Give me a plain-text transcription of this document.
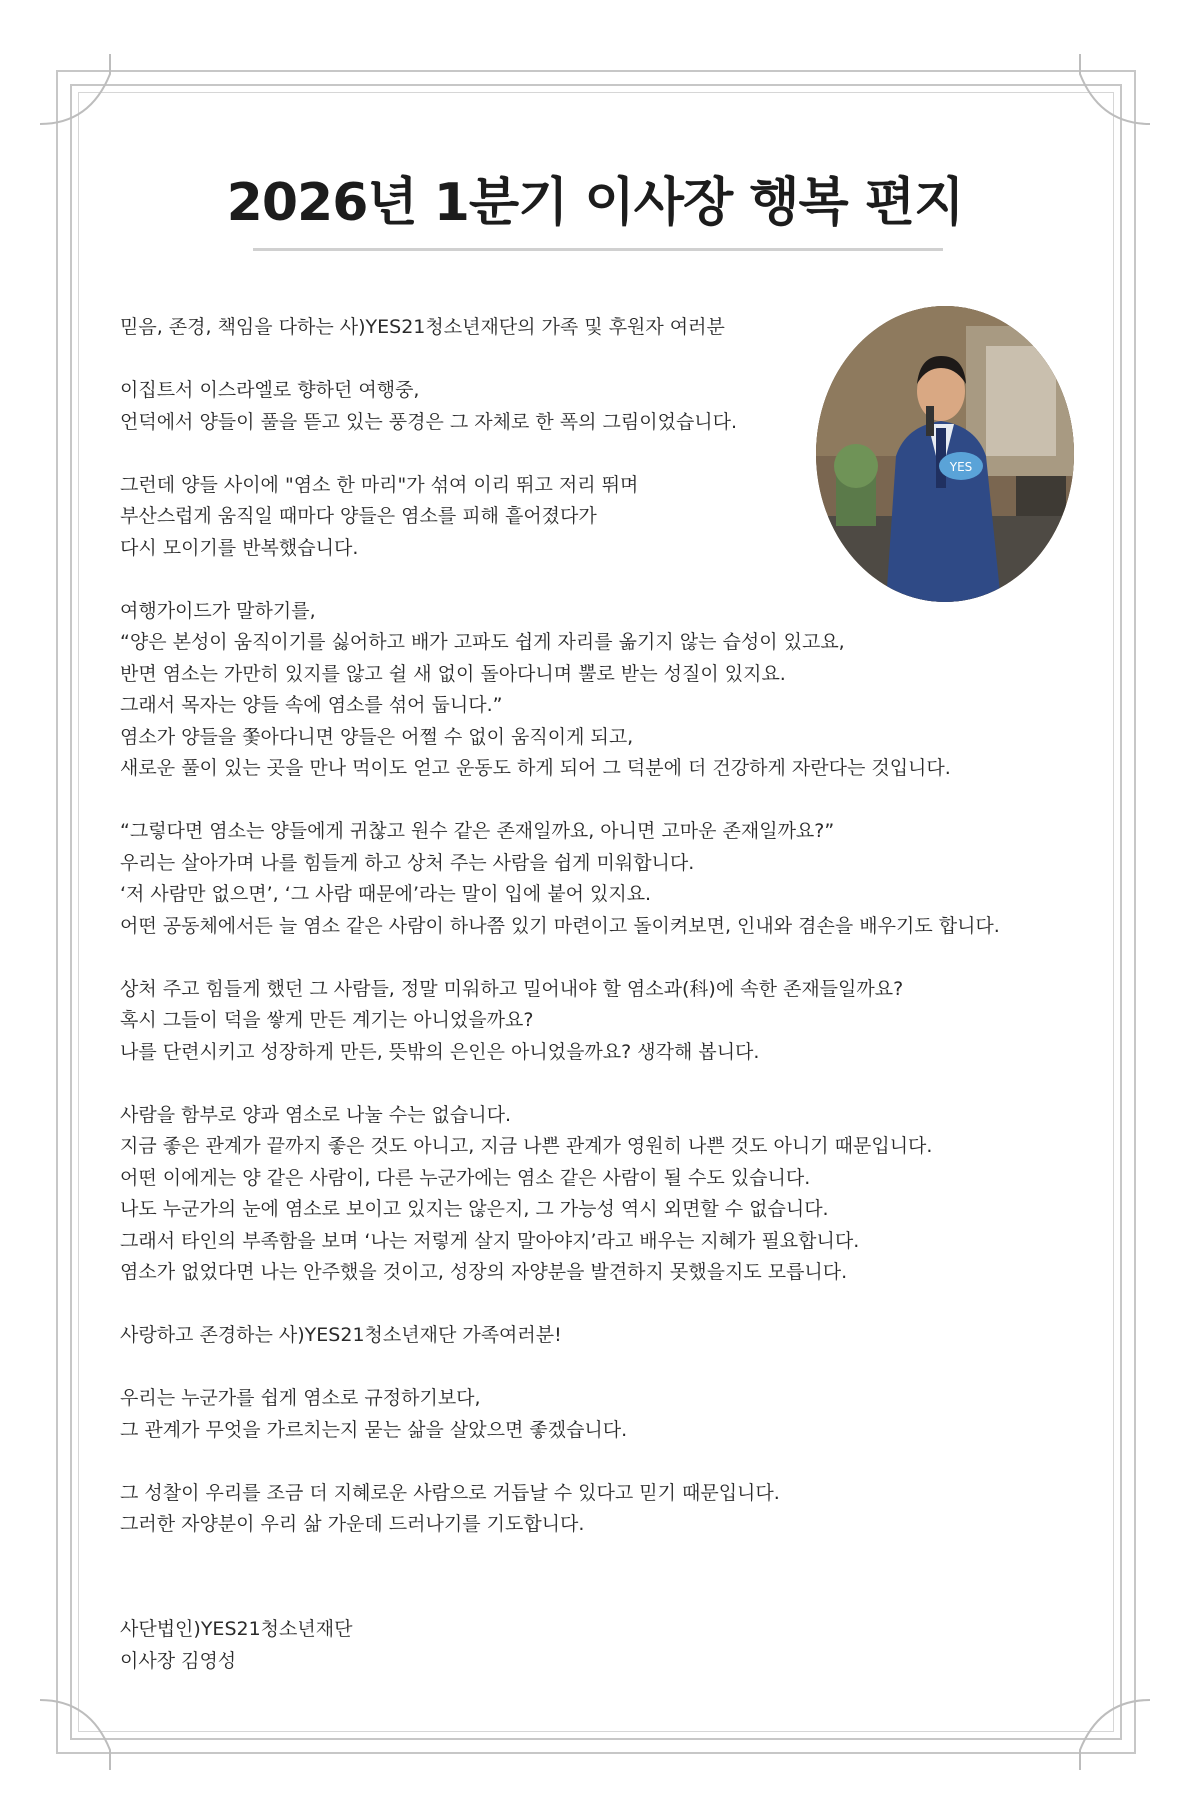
2026년 1분기 이사장 행복 편지
YES
믿음, 존경, 책임을 다하는 사)YES21청소년재단의 가족 및 후원자 여러분
이집트서 이스라엘로 향하던 여행중,
언덕에서 양들이 풀을 뜯고 있는 풍경은 그 자체로 한 폭의 그림이었습니다.
그런데 양들 사이에 "염소 한 마리"가 섞여 이리 뛰고 저리 뛰며
부산스럽게 움직일 때마다 양들은 염소를 피해 흩어졌다가
다시 모이기를 반복했습니다.
여행가이드가 말하기를,
“양은 본성이 움직이기를 싫어하고 배가 고파도 쉽게 자리를 옮기지 않는 습성이 있고요,
반면 염소는 가만히 있지를 않고 쉴 새 없이 돌아다니며 뿔로 받는 성질이 있지요.
그래서 목자는 양들 속에 염소를 섞어 둡니다.”
염소가 양들을 쫓아다니면 양들은 어쩔 수 없이 움직이게 되고,
새로운 풀이 있는 곳을 만나 먹이도 얻고 운동도 하게 되어 그 덕분에 더 건강하게 자란다는 것입니다.
“그렇다면 염소는 양들에게 귀찮고 원수 같은 존재일까요, 아니면 고마운 존재일까요?”
우리는 살아가며 나를 힘들게 하고 상처 주는 사람을 쉽게 미워합니다.
‘저 사람만 없으면’, ‘그 사람 때문에’라는 말이 입에 붙어 있지요.
어떤 공동체에서든 늘 염소 같은 사람이 하나쯤 있기 마련이고 돌이켜보면, 인내와 겸손을 배우기도 합니다.
상처 주고 힘들게 했던 그 사람들, 정말 미워하고 밀어내야 할 염소과(科)에 속한 존재들일까요?
혹시 그들이 덕을 쌓게 만든 계기는 아니었을까요?
나를 단련시키고 성장하게 만든, 뜻밖의 은인은 아니었을까요? 생각해 봅니다.
사람을 함부로 양과 염소로 나눌 수는 없습니다.
지금 좋은 관계가 끝까지 좋은 것도 아니고, 지금 나쁜 관계가 영원히 나쁜 것도 아니기 때문입니다.
어떤 이에게는 양 같은 사람이, 다른 누군가에는 염소 같은 사람이 될 수도 있습니다.
나도 누군가의 눈에 염소로 보이고 있지는 않은지, 그 가능성 역시 외면할 수 없습니다.
그래서 타인의 부족함을 보며 ‘나는 저렇게 살지 말아야지’라고 배우는 지혜가 필요합니다.
염소가 없었다면 나는 안주했을 것이고, 성장의 자양분을 발견하지 못했을지도 모릅니다.
사랑하고 존경하는 사)YES21청소년재단 가족여러분!
우리는 누군가를 쉽게 염소로 규정하기보다,
그 관계가 무엇을 가르치는지 묻는 삶을 살았으면 좋겠습니다.
그 성찰이 우리를 조금 더 지혜로운 사람으로 거듭날 수 있다고 믿기 때문입니다.
그러한 자양분이 우리 삶 가운데 드러나기를 기도합니다.
사단법인)YES21청소년재단
이사장 김영성
